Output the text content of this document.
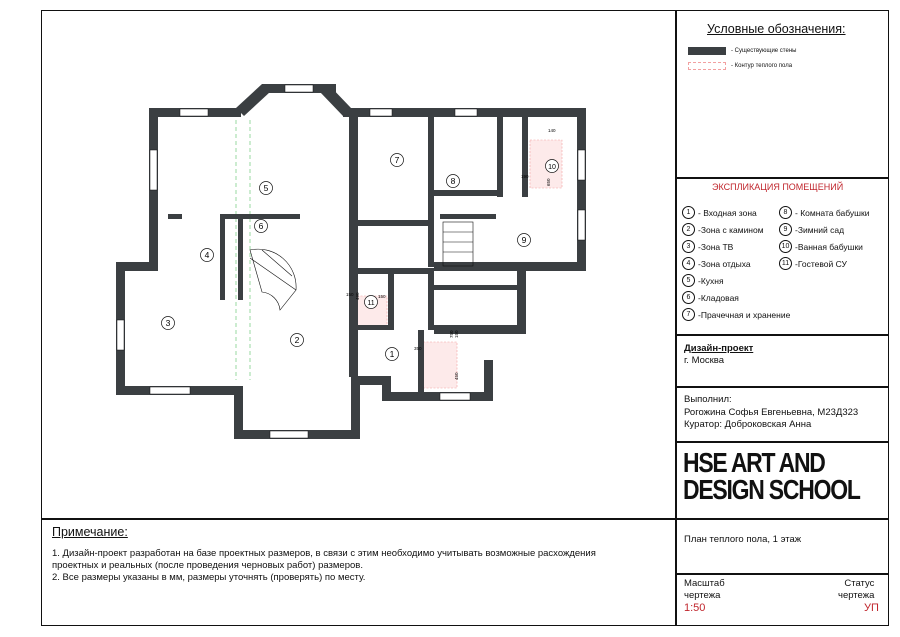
Условные обозначения:
- Существующие стены
- Контур теплого пола
ЭКСПЛИКАЦИЯ ПОМЕЩЕНИЙ
1 - Входная зона
2 -Зона с камином
3 -Зона ТВ
4 -Зона отдыха
5 -Кухня
6 -Кладовая
7 -Прачечная и хранение
8 - Комната бабушки
9 -Зимний сад
10 -Ванная бабушки
11 -Гостевой СУ
Дизайн-проект
г. Москва
Выполнил:
Рогожина Софья Евгеньевна, М23Д323
Куратор: Доброковская Анна
HSE ART AND
DESIGN SCHOOL
Примечание:
1. Дизайн-проект разработан на базе проектных размеров, в связи с этим необходимо учитывать возможные расхождения
проектных и реальных (после проведения черновых работ) размеров.
2. Все размеры указаны в мм, размеры уточнять (проверять) по месту.
План теплого пола, 1 этаж
Масштаб
чертежа
1:50
Статус
чертежа
УП
1
2
3
4
5
6
7
8
9
10
11
140
190
650
150 490	150
150
350
750
450
